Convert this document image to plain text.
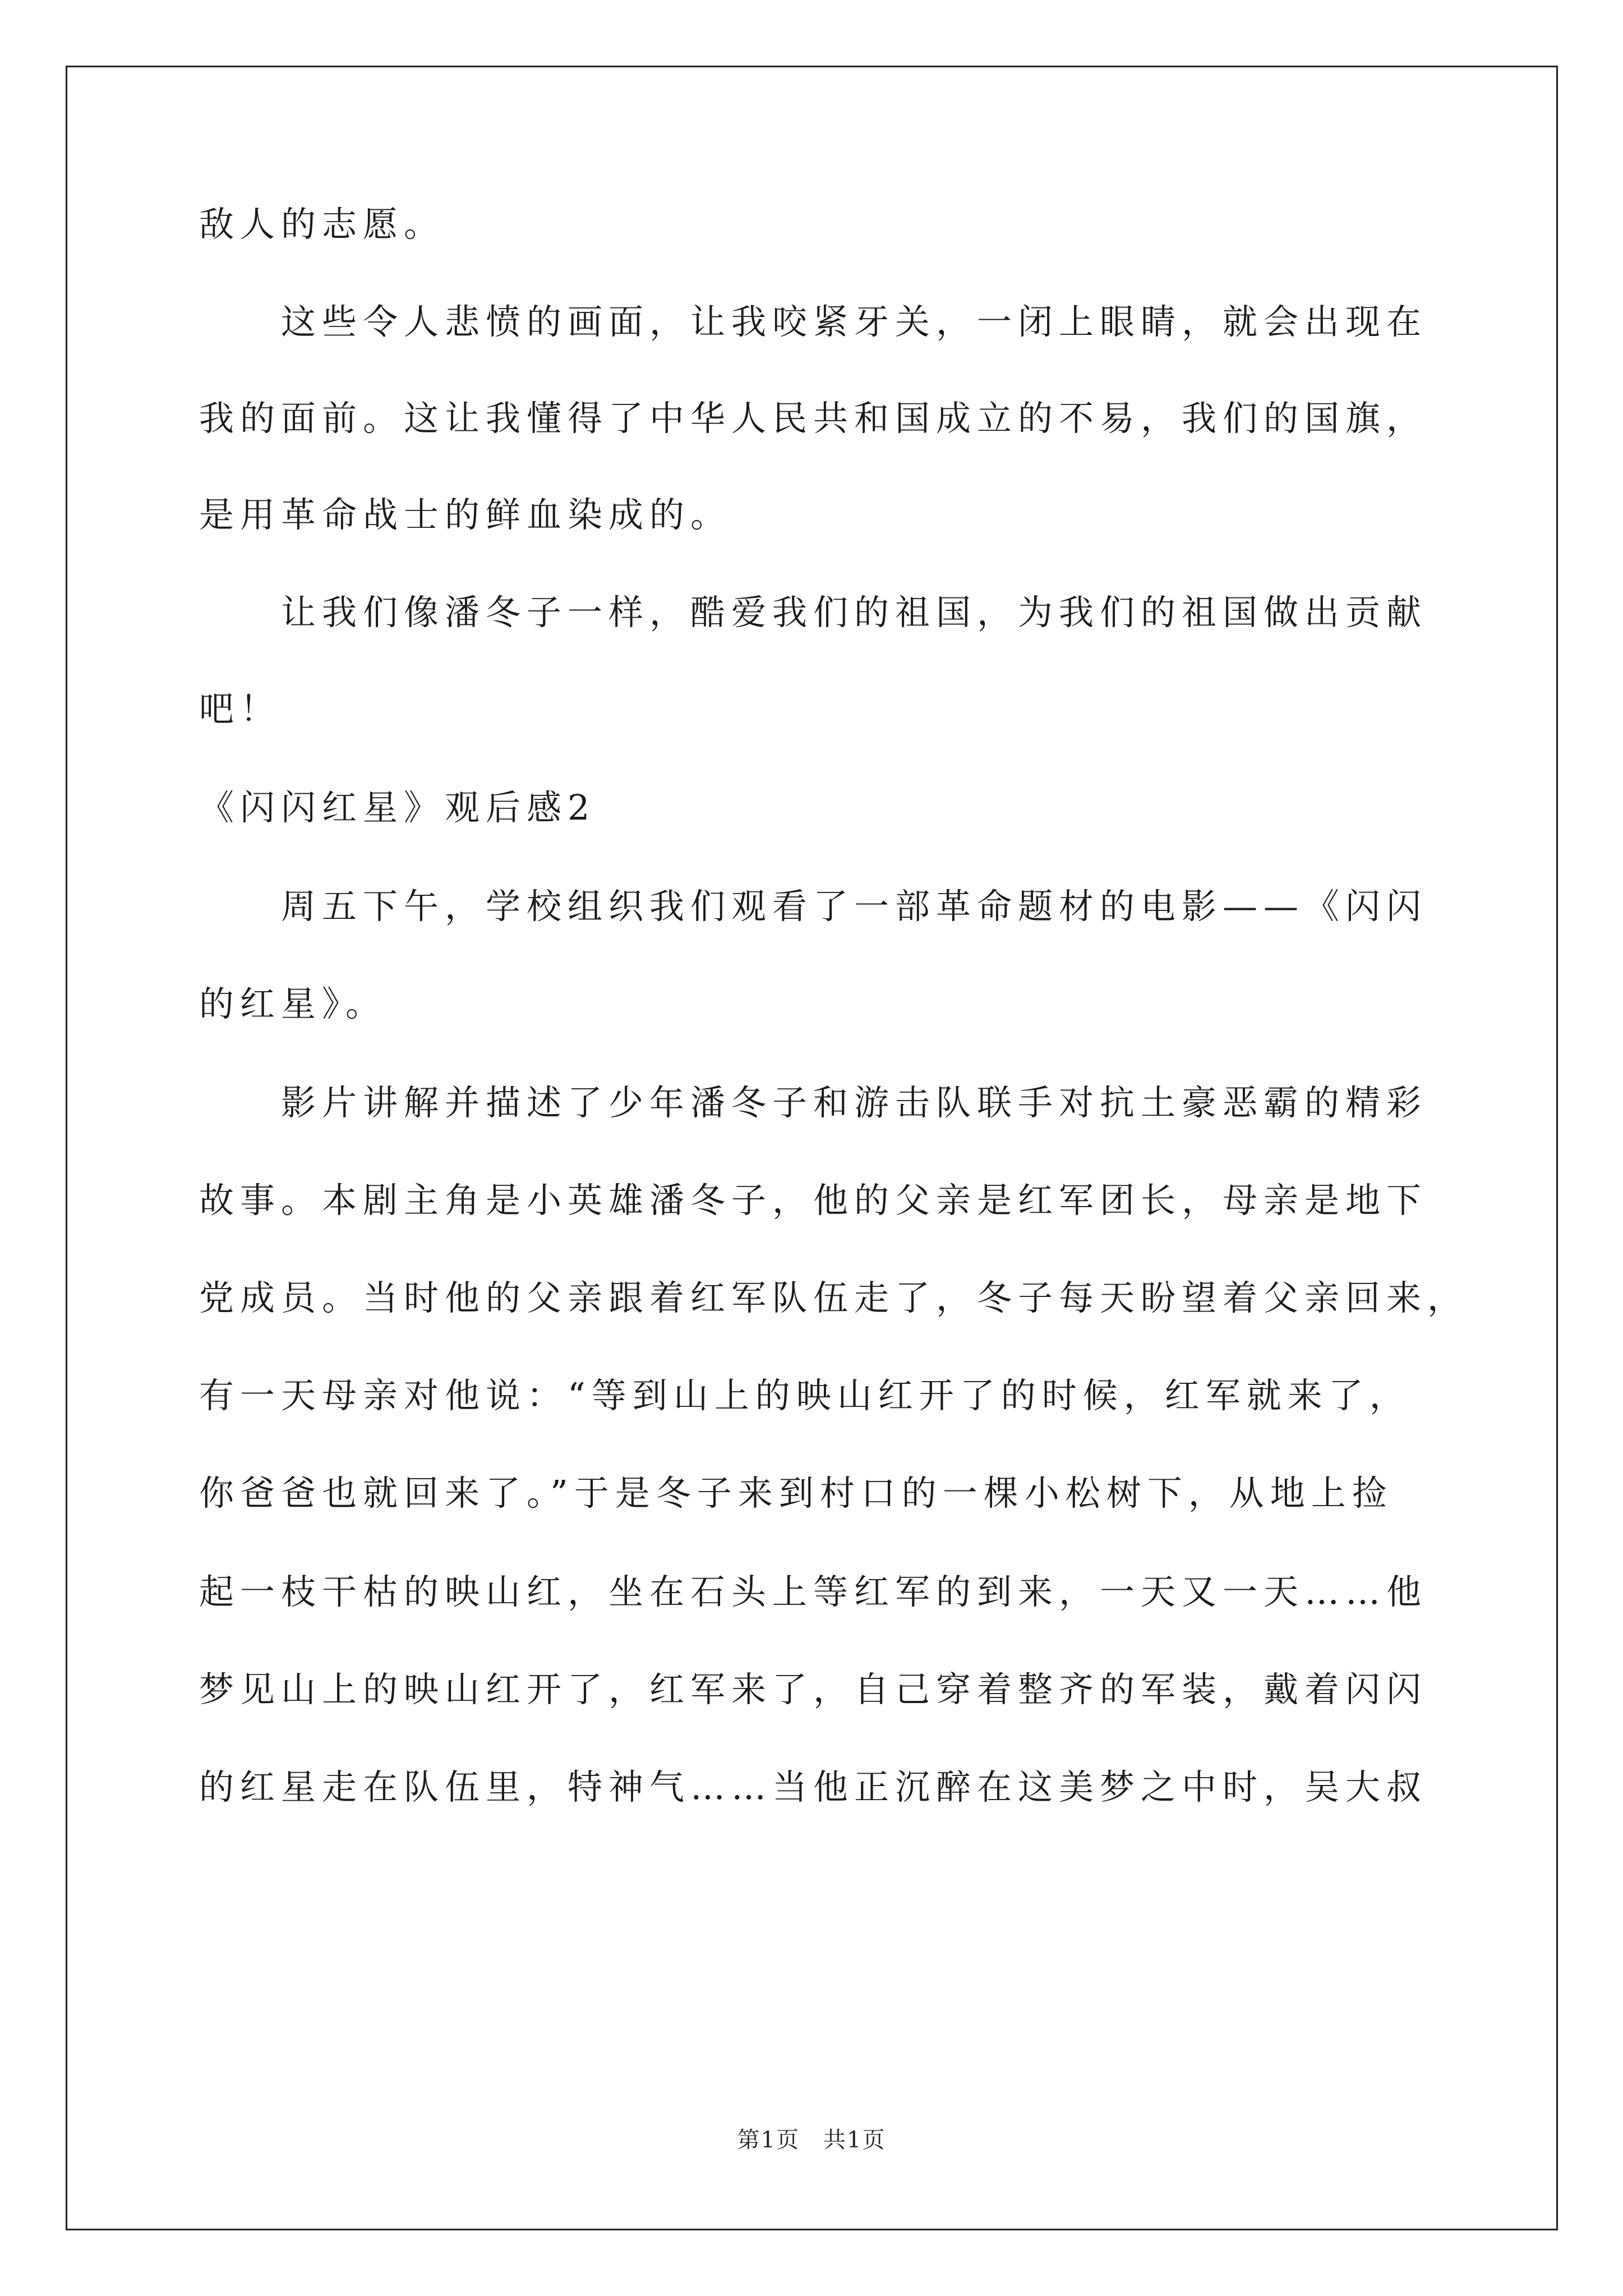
敌人的志愿。
　　这些令人悲愤的画面，让我咬紧牙关，一闭上眼睛，就会出现在
我的面前。这让我懂得了中华人民共和国成立的不易，我们的国旗，
是用革命战士的鲜血染成的。
　　让我们像潘冬子一样，酷爱我们的祖国，为我们的祖国做出贡献
吧！
《闪闪红星》观后感2
　　周五下午，学校组织我们观看了一部革命题材的电影——《闪闪
的红星》。
　　影片讲解并描述了少年潘冬子和游击队联手对抗土豪恶霸的精彩
故事。本剧主角是小英雄潘冬子，他的父亲是红军团长，母亲是地下
党成员。当时他的父亲跟着红军队伍走了，冬子每天盼望着父亲回来，
有一天母亲对他说：“等到山上的映山红开了的时候，红军就来了，
你爸爸也就回来了。”于是冬子来到村口的一棵小松树下，从地上捡
起一枝干枯的映山红，坐在石头上等红军的到来，一天又一天……他
梦见山上的映山红开了，红军来了，自己穿着整齐的军装，戴着闪闪
的红星走在队伍里，特神气……当他正沉醉在这美梦之中时，吴大叔
第1页　共1页
